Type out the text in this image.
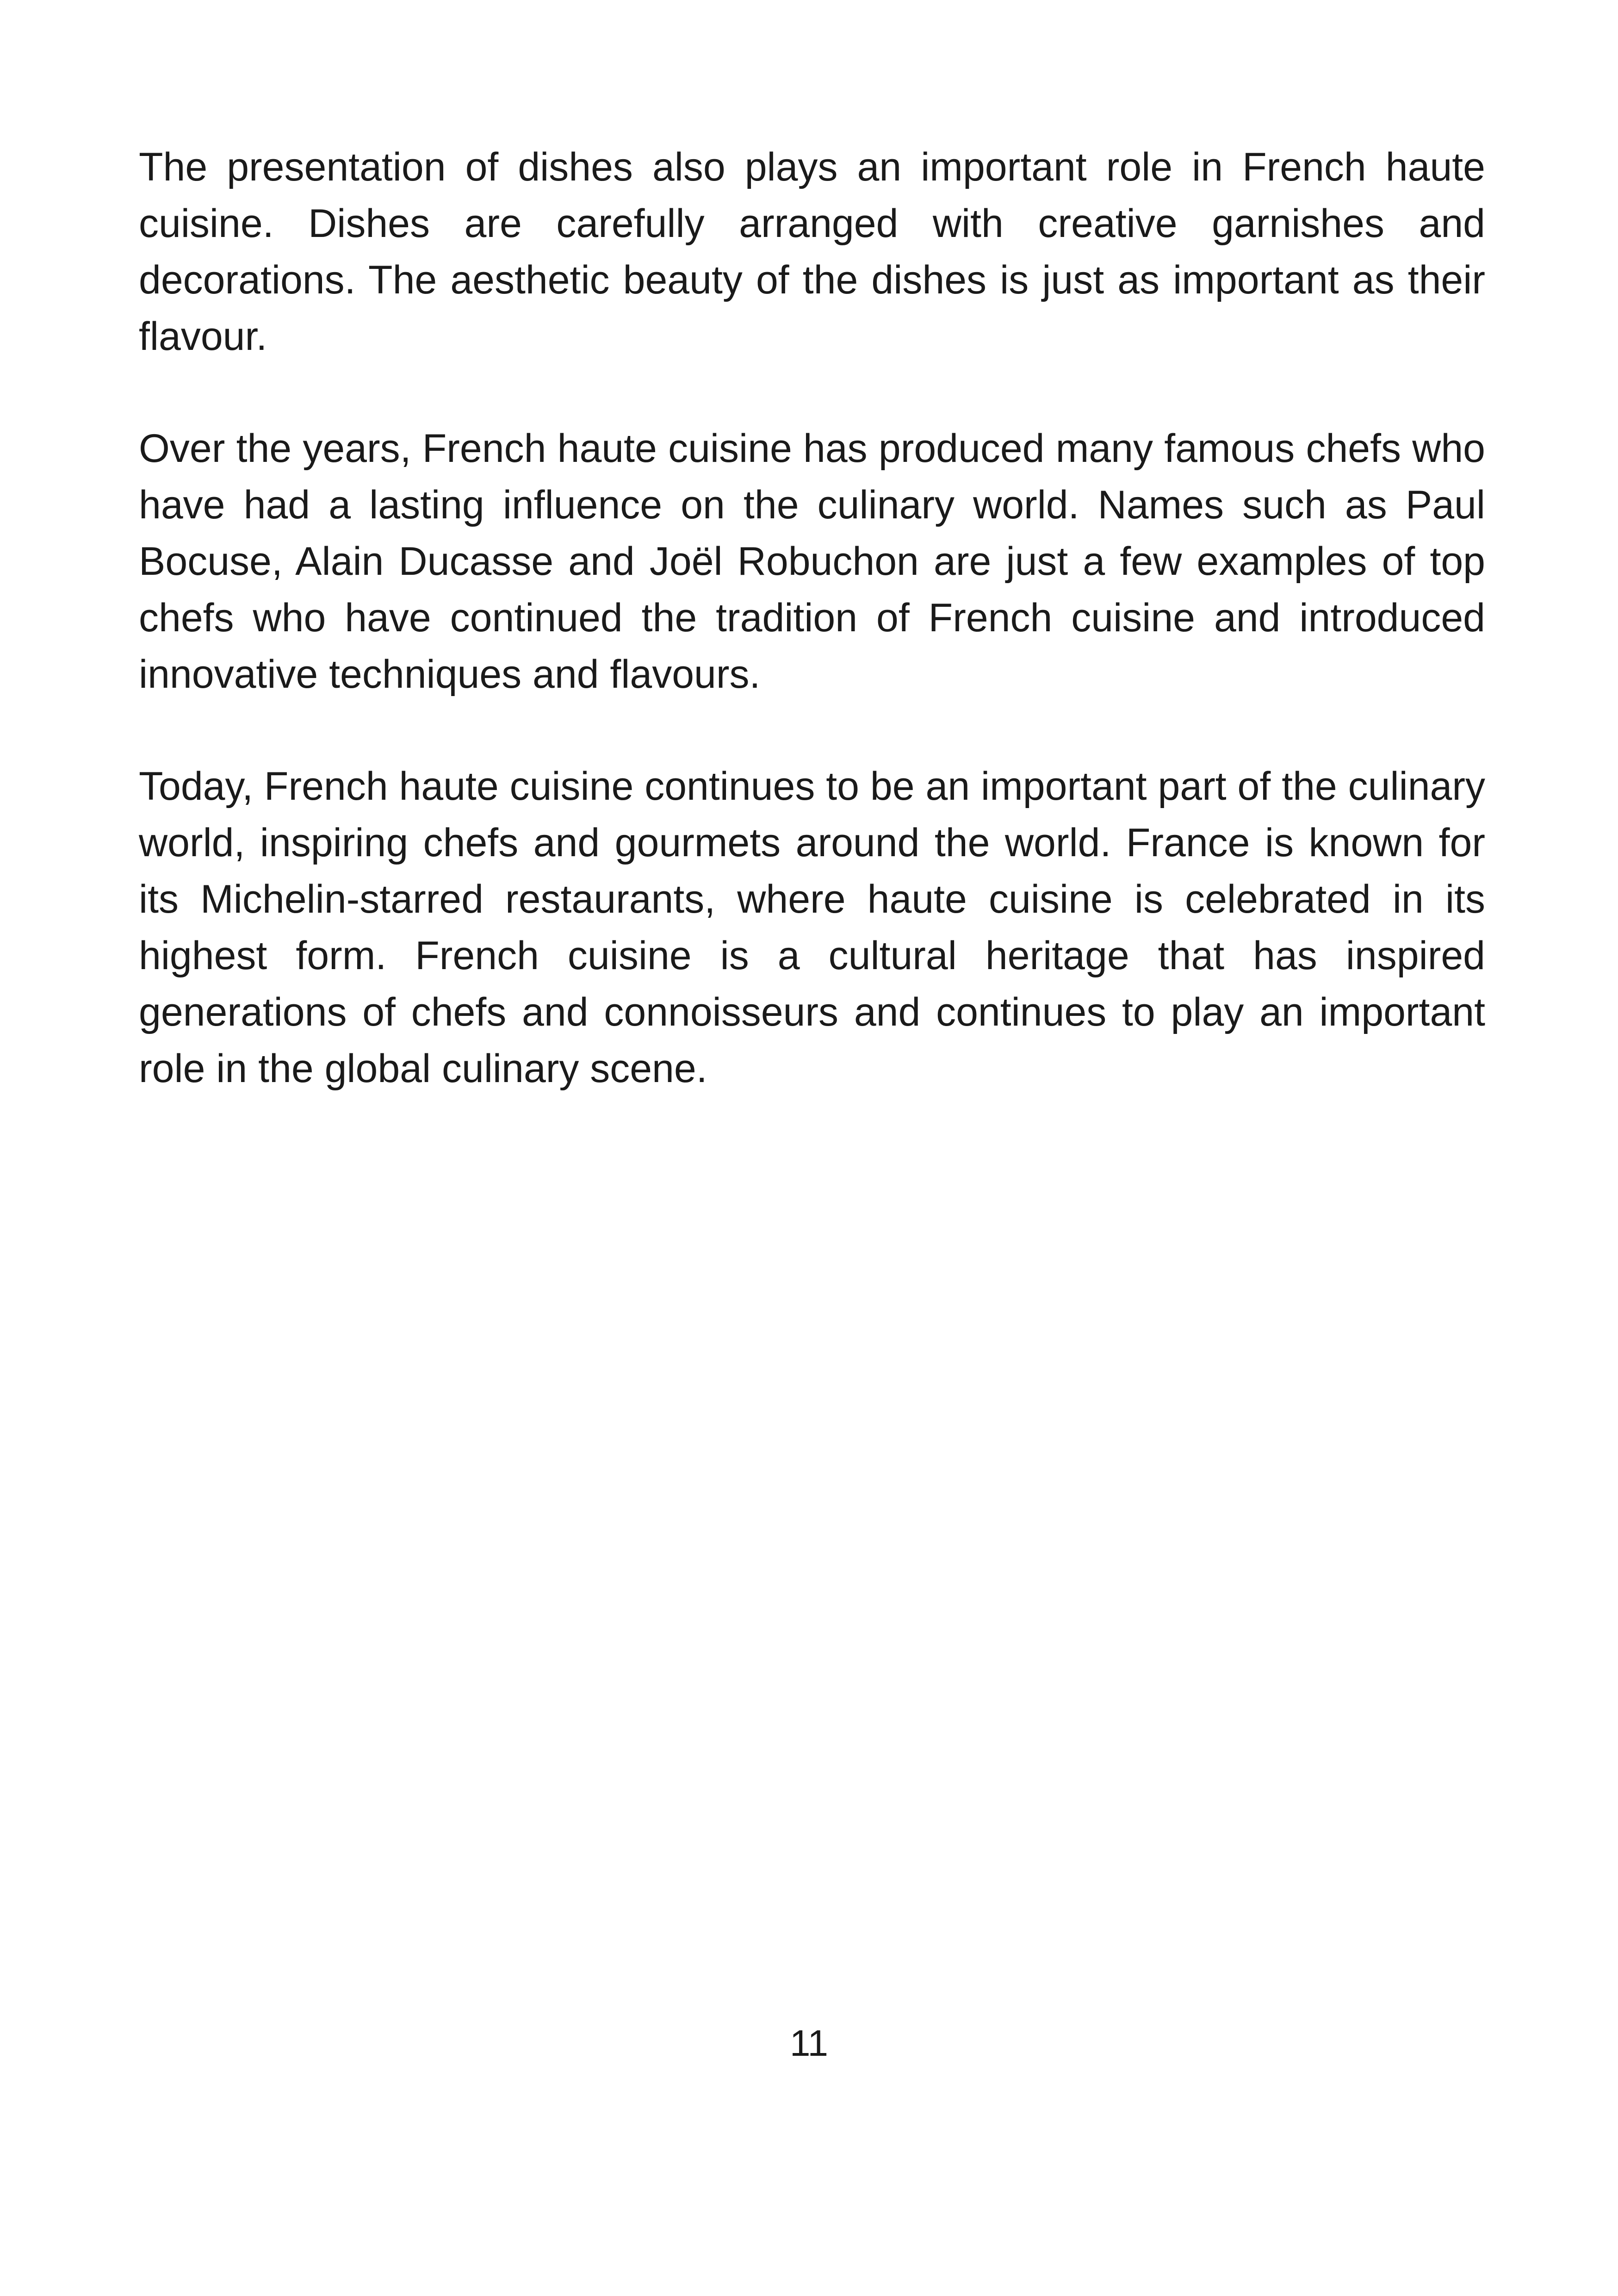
The presentation of dishes also plays an important role in French haute cuisine. Dishes are carefully arranged with creative garnishes and decorations. The aesthetic beauty of the dishes is just as important as their flavour.

Over the years, French haute cuisine has produced many famous chefs who have had a lasting influence on the culinary world. Names such as Paul Bocuse, Alain Ducasse and Joël Robuchon are just a few examples of top chefs who have continued the tradition of French cuisine and introduced innovative techniques and flavours.

Today, French haute cuisine continues to be an important part of the culinary world, inspiring chefs and gourmets around the world. France is known for its Michelin-starred restaurants, where haute cuisine is celebrated in its highest form. French cuisine is a cultural heritage that has inspired generations of chefs and connoisseurs and continues to play an important role in the global culinary scene.

11
